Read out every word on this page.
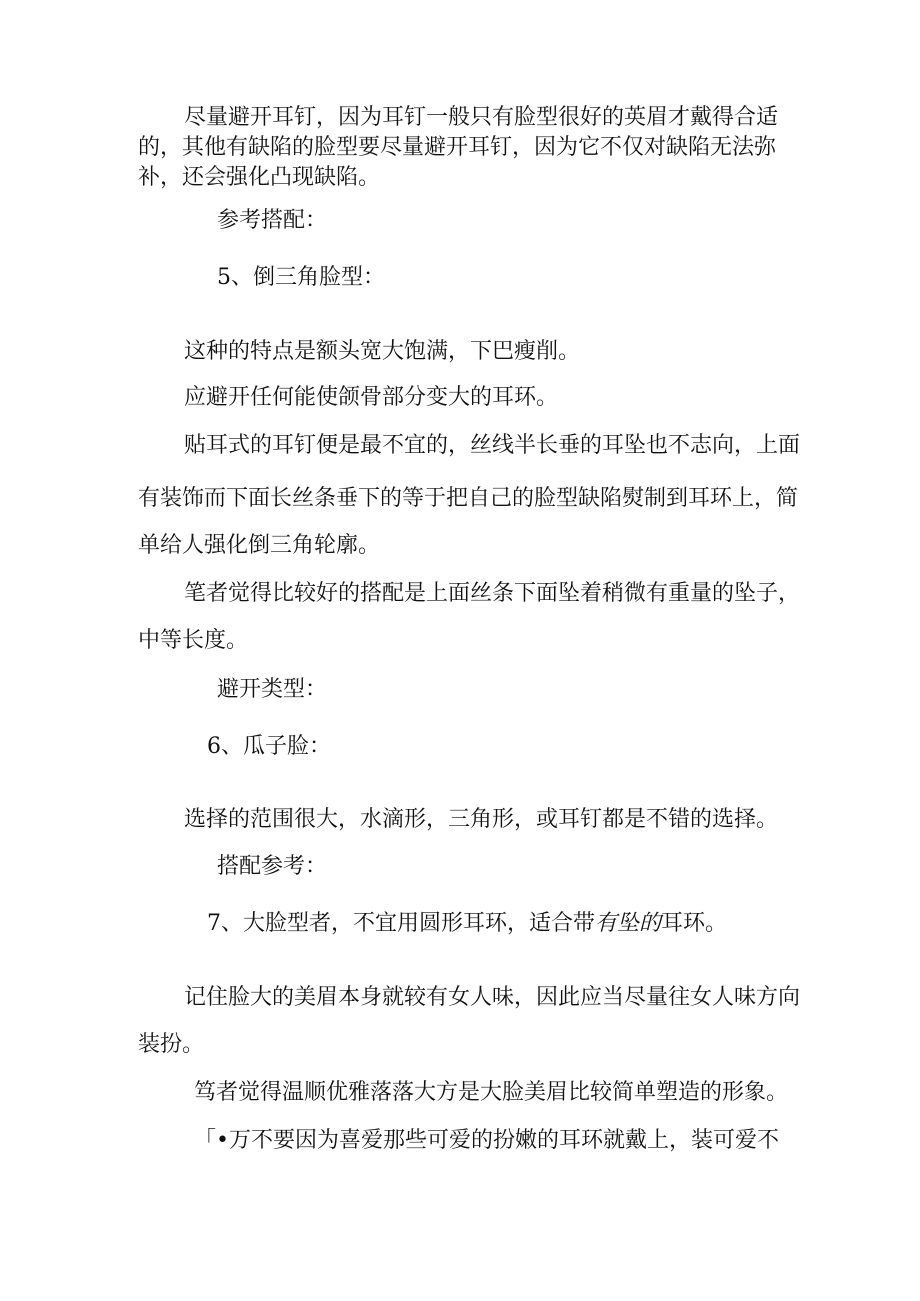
尽量避开耳钉，因为耳钉一般只有脸型很好的英眉才戴得合适
的，其他有缺陷的脸型要尽量避开耳钉，因为它不仅对缺陷无法弥
补，还会强化凸现缺陷。
参考搭配：
5、倒三角脸型：
这种的特点是额头宽大饱满，下巴瘦削。
应避开任何能使颌骨部分变大的耳环。
贴耳式的耳钉便是最不宜的，丝线半长垂的耳坠也不志向，上面
有装饰而下面长丝条垂下的等于把自己的脸型缺陷熨制到耳环上，简
单给人强化倒三角轮廓。
笔者觉得比较好的搭配是上面丝条下面坠着稍微有重量的坠子，
中等长度。
避开类型：
6、瓜子脸：
选择的范围很大，水滴形，三角形，或耳钉都是不错的选择。
搭配参考：
7、大脸型者，不宜用圆形耳环，适合带有坠的耳环。
记住脸大的美眉本身就较有女人味，因此应当尽量往女人味方向
装扮。
笃者觉得温顺优雅落落大方是大脸美眉比较简单塑造的形象。
「•万不要因为喜爱那些可爱的扮嫩的耳环就戴上，装可爱不
